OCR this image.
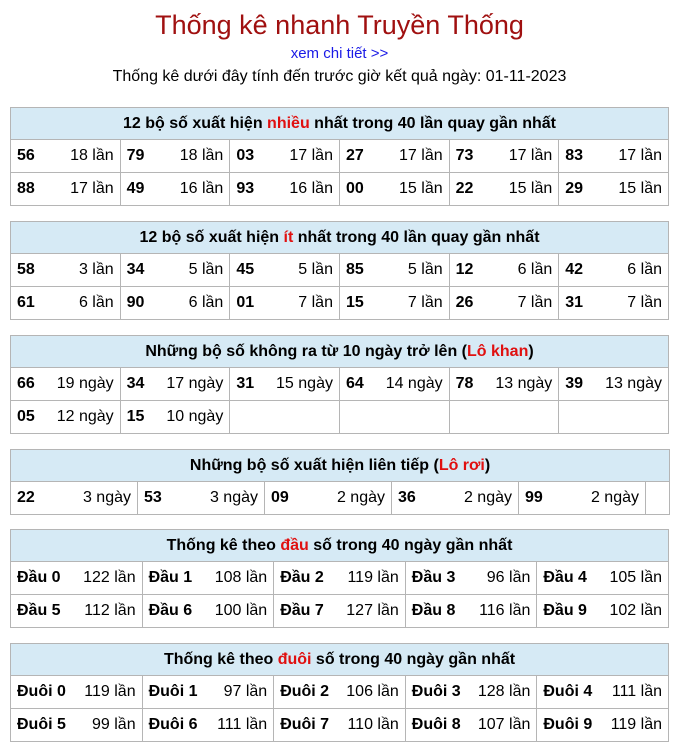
Thống kê nhanh Truyền Thống
xem chi tiết >>
Thống kê dưới đây tính đến trước giờ kết quả ngày: 01-11-2023
12 bộ số xuất hiện nhiều nhất trong 40 lần quay gần nhất					

56 18 lần	79 18 lần	03 17 lần	27 17 lần	73 17 lần	83 17 lần

88 17 lần	49 16 lần	93 16 lần	00 15 lần	22 15 lần	29 15 lần
12 bộ số xuất hiện ít nhất trong 40 lần quay gần nhất					

58 3 lần	34 5 lần	45 5 lần	85 5 lần	12 6 lần	42 6 lần

61 6 lần	90 6 lần	01 7 lần	15 7 lần	26 7 lần	31 7 lần
Những bộ số không ra từ 10 ngày trở lên (Lô khan)					

66 19 ngày	34 17 ngày	31 15 ngày	64 14 ngày	78 13 ngày	39 13 ngày

05 12 ngày	15 10 ngày				

Những bộ số xuất hiện liên tiếp (Lô rơi)

22	3 ngày	53	3 ngày	09	2 ngày	36	2 ngày	99	2 ngày

Thống kê theo đầu số trong 40 ngày gần nhất				

Đầu 0 122 lần	Đầu 1 108 lần	Đầu 2 119 lần	Đầu 3 96 lần	Đầu 4 105 lần

Đầu 5 112 lần	Đầu 6 100 lần	Đầu 7 127 lần	Đầu 8 116 lần	Đầu 9 102 lần
Thống kê theo đuôi số trong 40 ngày gần nhất				

Đuôi 0 119 lần	Đuôi 1 97 lần	Đuôi 2 106 lần	Đuôi 3 128 lần	Đuôi 4 111 lần

Đuôi 5 99 lần	Đuôi 6 111 lần	Đuôi 7 110 lần	Đuôi 8 107 lần	Đuôi 9 119 lần
